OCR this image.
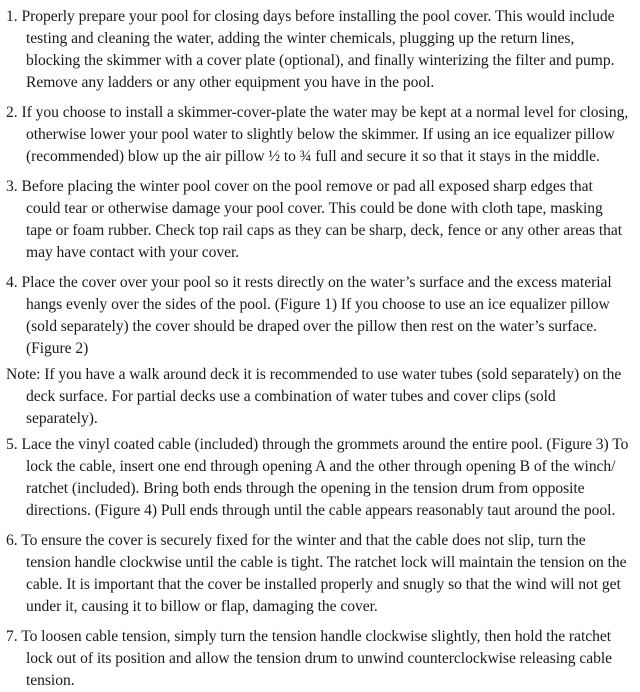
1. Properly prepare your pool for closing days before installing the pool cover. This would include testing and cleaning the water, adding the winter chemicals, plugging up the return lines, blocking the skimmer with a cover plate (optional), and finally winterizing the filter and pump. Remove any ladders or any other equipment you have in the pool.

2. If you choose to install a skimmer-cover-plate the water may be kept at a normal level for closing, otherwise lower your pool water to slightly below the skimmer. If using an ice equalizer pillow (recommended) blow up the air pillow ½ to ¾ full and secure it so that it stays in the middle.

3. Before placing the winter pool cover on the pool remove or pad all exposed sharp edges that could tear or otherwise damage your pool cover. This could be done with cloth tape, masking tape or foam rubber. Check top rail caps as they can be sharp, deck, fence or any other areas that may have contact with your cover.

4. Place the cover over your pool so it rests directly on the water’s surface and the excess material hangs evenly over the sides of the pool. (Figure 1) If you choose to use an ice equalizer pillow (sold separately) the cover should be draped over the pillow then rest on the water’s surface. (Figure 2)

Note: If you have a walk around deck it is recommended to use water tubes (sold separately) on the deck surface. For partial decks use a combination of water tubes and cover clips (sold separately).

5. Lace the vinyl coated cable (included) through the grommets around the entire pool. (Figure 3) To lock the cable, insert one end through opening A and the other through opening B of the winch/ ratchet (included). Bring both ends through the opening in the tension drum from opposite directions. (Figure 4) Pull ends through until the cable appears reasonably taut around the pool.

6. To ensure the cover is securely fixed for the winter and that the cable does not slip, turn the tension handle clockwise until the cable is tight. The ratchet lock will maintain the tension on the cable. It is important that the cover be installed properly and snugly so that the wind will not get under it, causing it to billow or flap, damaging the cover.

7. To loosen cable tension, simply turn the tension handle clockwise slightly, then hold the ratchet lock out of its position and allow the tension drum to unwind counterclockwise releasing cable tension.
